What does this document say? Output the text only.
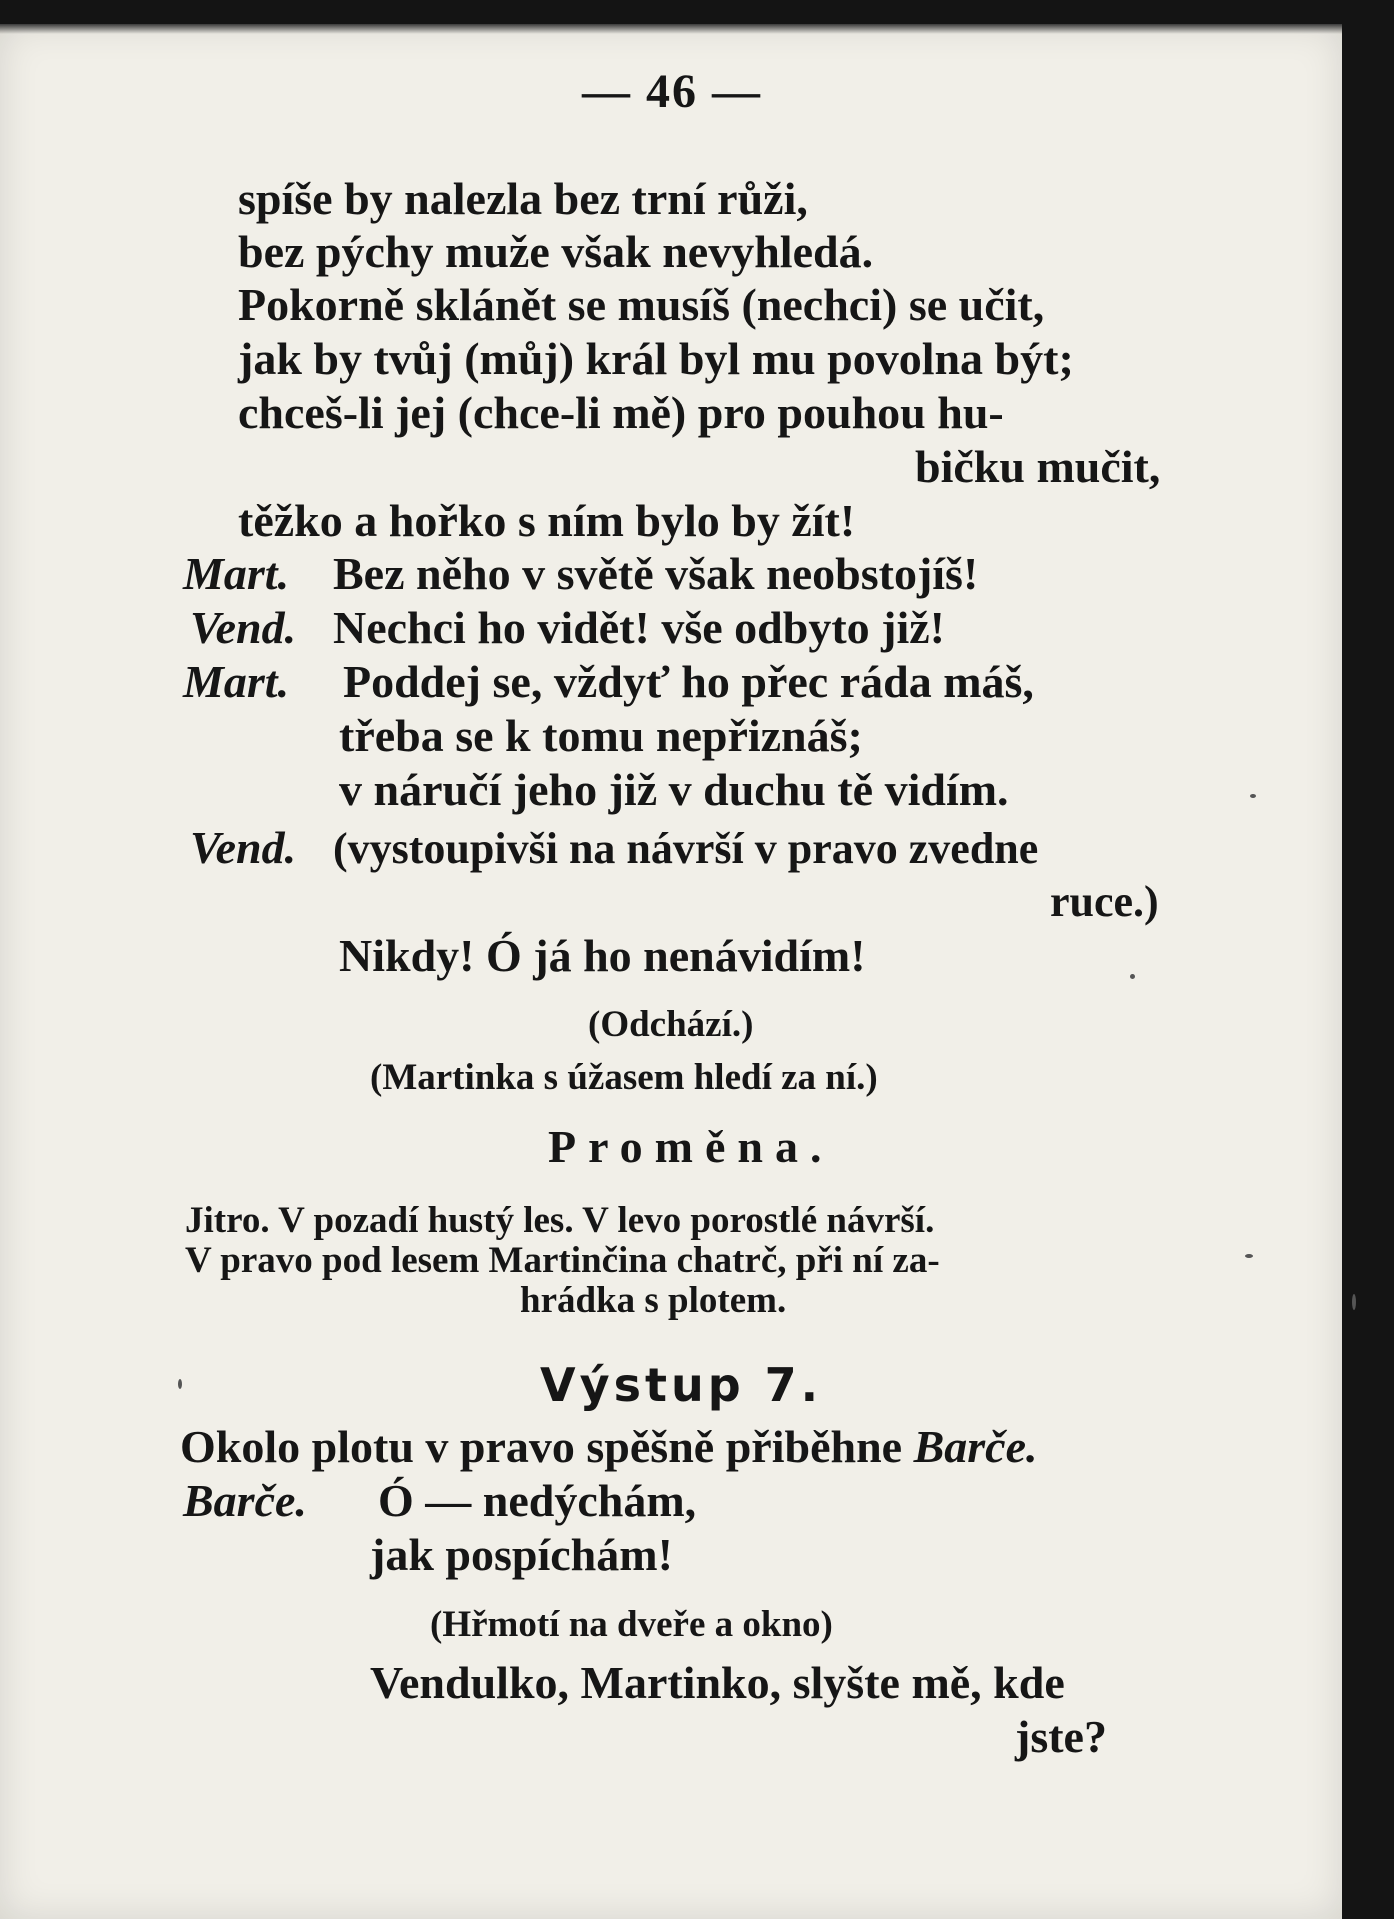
— 46 —
spíše by nalezla bez trní růži,
bez pýchy muže však nevyhledá.
Pokorně sklánět se musíš (nechci) se učit,
jak by tvůj (můj) král byl mu povolna být;
chceš-li jej (chce-li mě) pro pouhou hu-
bičku mučit,
těžko a hořko s ním bylo by žít!
Mart. Bez něho v světě však neobstojíš!
Vend. Nechci ho vidět! vše odbyto již!
Mart. Poddej se, vždyť ho přec ráda máš,
třeba se k tomu nepřiznáš;
v náručí jeho již v duchu tě vidím.
Vend. (vystoupivši na návrší v pravo zvedne
ruce.)
Nikdy! Ó já ho nenávidím!
(Odchází.)
(Martinka s úžasem hledí za ní.)
Proměna.
Jitro. V pozadí hustý les. V levo porostlé návrší.
V pravo pod lesem Martinčina chatrč, při ní za-
hrádka s plotem.
Výstup 7.
Okolo plotu v pravo spěšně přiběhne Barče.
Barče. Ó — nedýchám,
jak pospíchám!
(Hřmotí na dveře a okno)
Vendulko, Martinko, slyšte mě, kde
jste?
